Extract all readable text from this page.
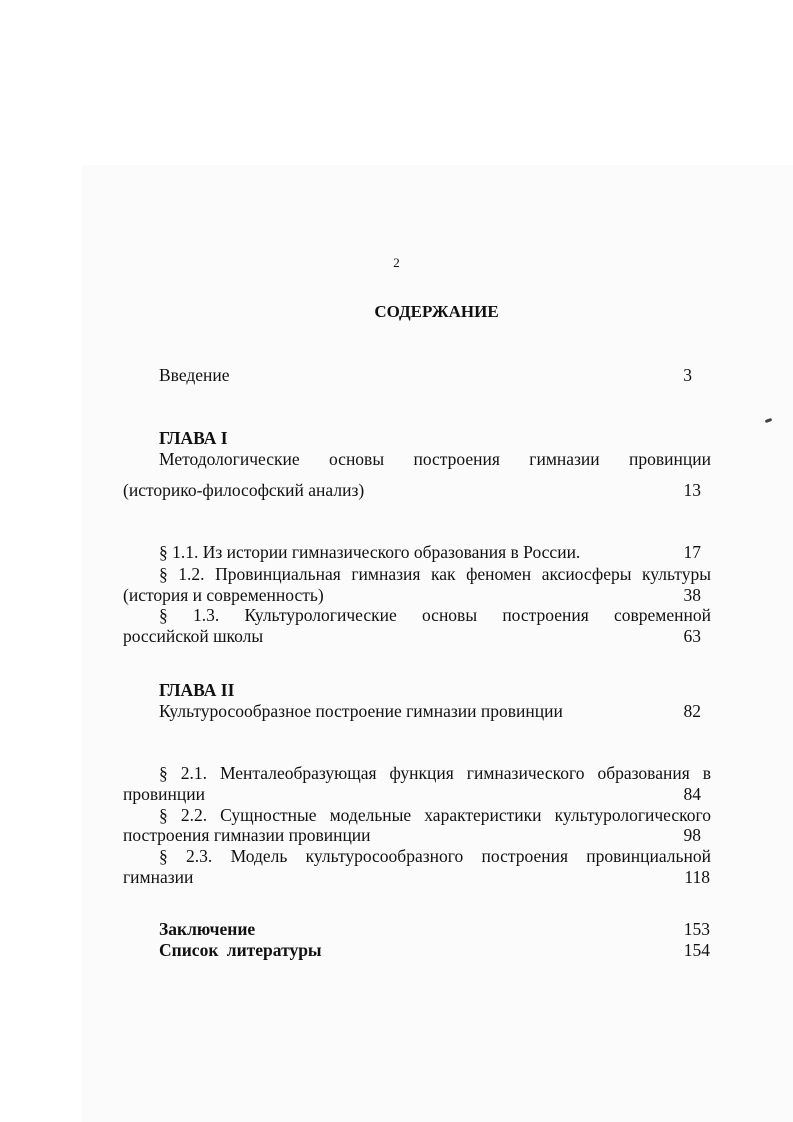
2
СОДЕРЖАНИЕ
Введение	3
ГЛАВА I
Методологические основы построения гимназии провинции
(историко-философский анализ)	13
§ 1.1. Из истории гимназического образования в России.	17
§ 1.2. Провинциальная гимназия как феномен аксиосферы культуры
(история и современность)	38
§ 1.3. Культурологические основы построения современной
российской школы	63
ГЛАВА II
Культуросообразное построение гимназии провинции	82
§ 2.1. Менталеобразующая функция гимназического образования в
провинции	84
§ 2.2. Сущностные модельные характеристики культурологического
построения гимназии провинции	98
§ 2.3. Модель культуросообразного построения провинциальной
гимназии	118
Заключение	153
Список литературы	154
